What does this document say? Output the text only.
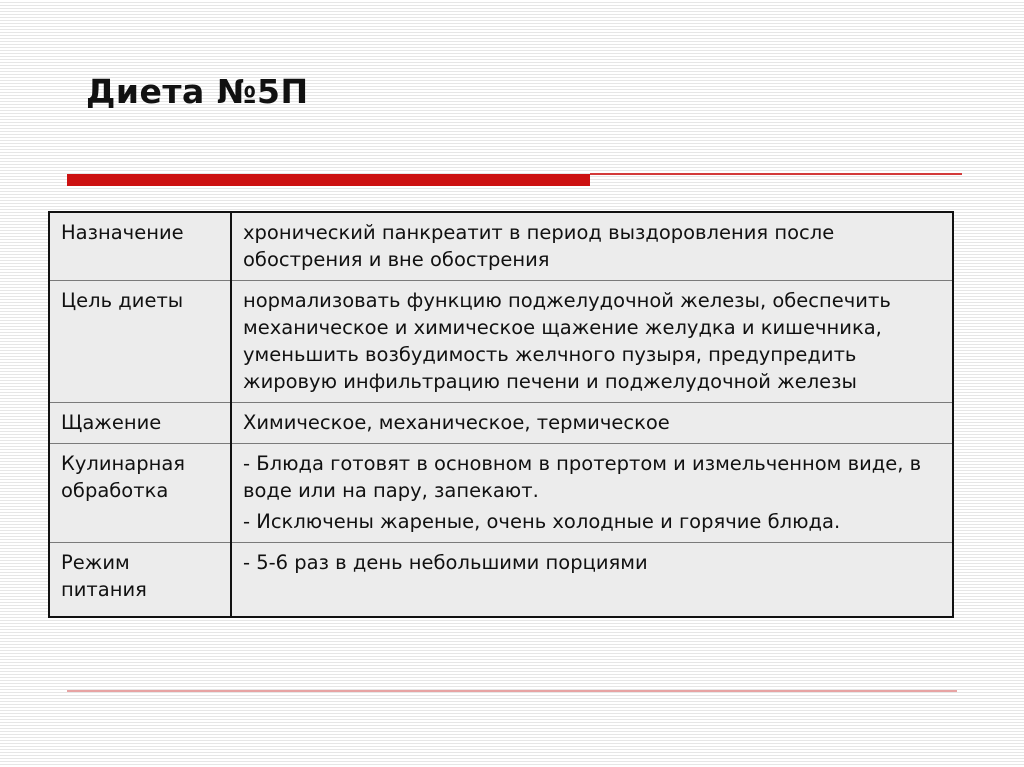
Диета №5П
Назначение	хронический панкреатит в период выздоровления после обострения и вне обострения

Цель диеты	нормализовать функцию поджелудочной железы, обеспечить механическое и химическое щажение желудка и кишечника, уменьшить возбудимость желчного пузыря, предупредить жировую инфильтрацию печени и поджелудочной железы

Щажение	Химическое, механическое, термическое

Кулинарная обработка	- Блюда готовят в основном в протертом и измельченном виде, в воде или на пару, запекают.
- Исключены жареные, очень холодные и горячие блюда.

Режим питания	- 5-6 раз в день небольшими порциями
